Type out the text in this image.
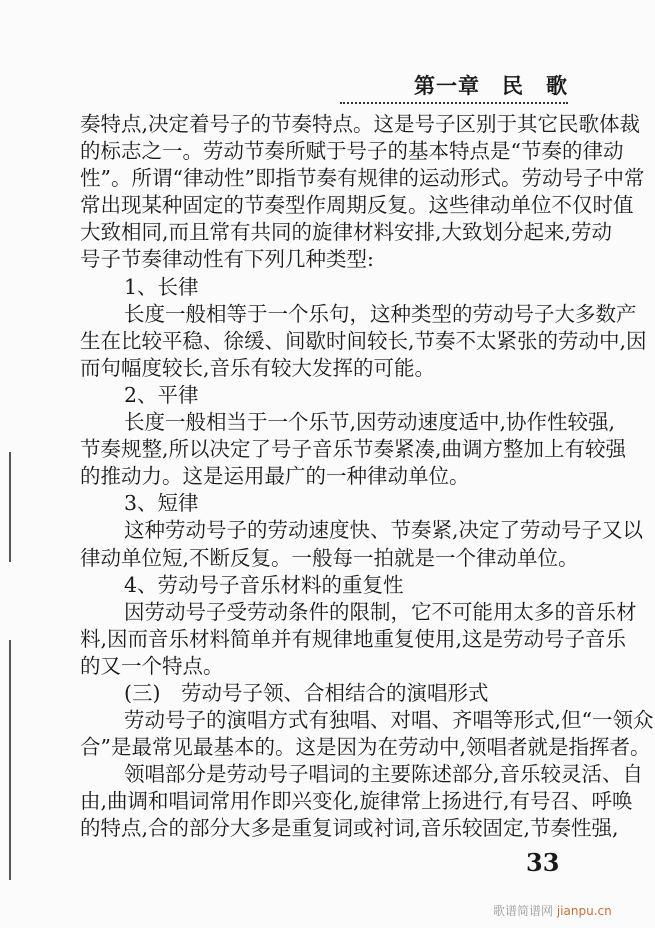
第一章　民　歌
奏特点,决定着号子的节奏特点。这是号子区别于其它民歌体裁
的标志之一。劳动节奏所赋于号子的基本特点是“节奏的律动
性”。所谓“律动性”即指节奏有规律的运动形式。劳动号子中常
常出现某种固定的节奏型作周期反复。这些律动单位不仅时值
大致相同,而且常有共同的旋律材料安排,大致划分起来,劳动
号子节奏律动性有下列几种类型:
1、长律
长度一般相等于一个乐句，这种类型的劳动号子大多数产
生在比较平稳、徐缓、间歇时间较长,节奏不太紧张的劳动中,因
而句幅度较长,音乐有较大发挥的可能。
2、平律
长度一般相当于一个乐节,因劳动速度适中,协作性较强,
节奏规整,所以决定了号子音乐节奏紧凑,曲调方整加上有较强
的推动力。这是运用最广的一种律动单位。
3、短律
这种劳动号子的劳动速度快、节奏紧,决定了劳动号子又以
律动单位短,不断反复。一般每一拍就是一个律动单位。
4、劳动号子音乐材料的重复性
因劳动号子受劳动条件的限制，它不可能用太多的音乐材
料,因而音乐材料简单并有规律地重复使用,这是劳动号子音乐
的又一个特点。
(三)　劳动号子领、合相结合的演唱形式
劳动号子的演唱方式有独唱、对唱、齐唱等形式,但“一领众
合”是最常见最基本的。这是因为在劳动中,领唱者就是指挥者。
领唱部分是劳动号子唱词的主要陈述部分,音乐较灵活、自
由,曲调和唱词常用作即兴变化,旋律常上扬进行,有号召、呼唤
的特点,合的部分大多是重复词或衬词,音乐较固定,节奏性强,
33
歌谱简谱网 jianpu.cn
